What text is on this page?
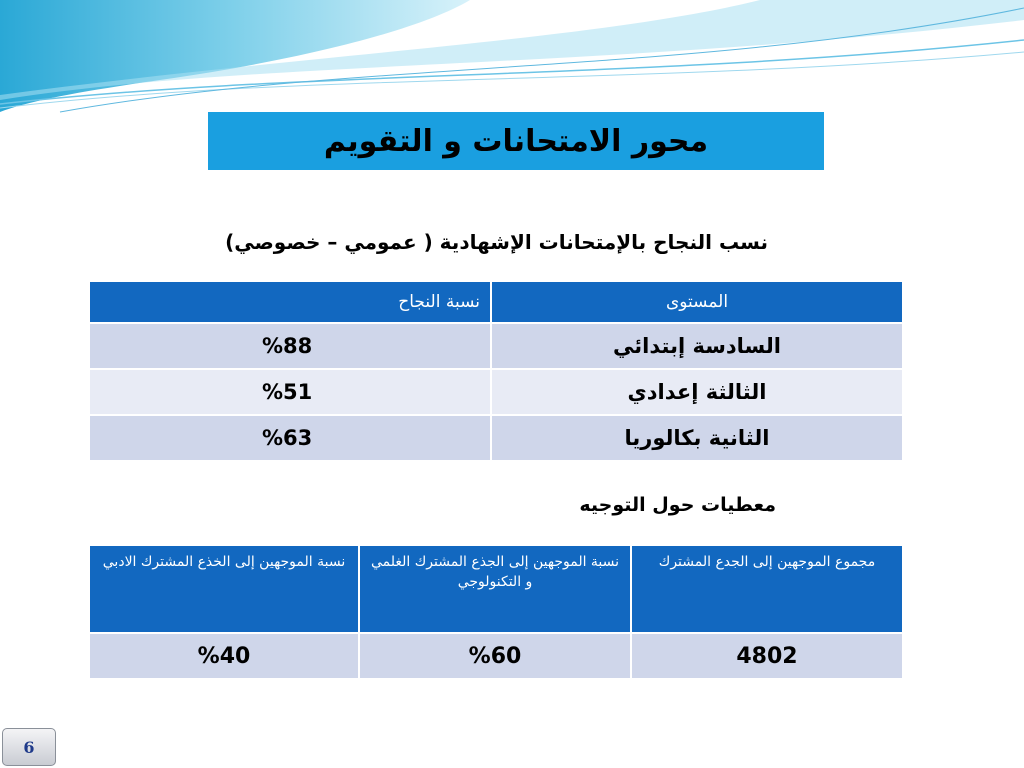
محور الامتحانات و التقويم
نسب النجاح بالإمتحانات الإشهادية ( عمومي – خصوصي)
المستوى	نسبة النجاح
السادسة إبتدائي	%88
الثالثة إعدادي	%51
الثانية بكالوريا	%63
معطيات حول التوجيه
مجموع الموجهين إلى الجدع المشترك	نسبة الموجهين إلى الجذع المشترك الغلمي و التكنولوجي	نسبة الموجهين إلى الخذع المشترك الادبي
4802	%60	%40
6
